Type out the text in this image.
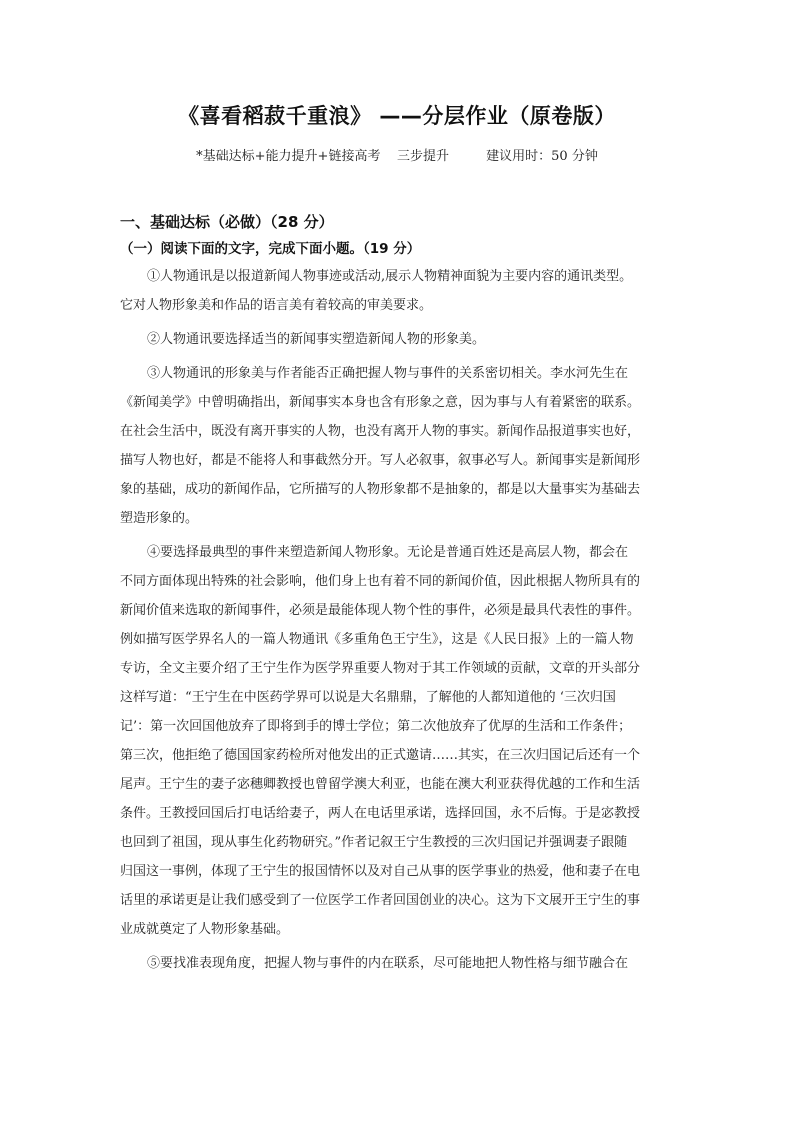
《喜看稻菽千重浪》 ——分层作业（原卷版）
*基础达标+能力提升+链接高考    三步提升         建议用时：50 分钟
一、基础达标（必做）（28 分）
（一）阅读下面的文字，完成下面小题。（19 分）
①人物通讯是以报道新闻人物事迹或活动,展示人物精神面貌为主要内容的通讯类型。
它对人物形象美和作品的语言美有着较高的审美要求。
②人物通讯要选择适当的新闻事实塑造新闻人物的形象美。
③人物通讯的形象美与作者能否正确把握人物与事件的关系密切相关。李水河先生在
《新闻美学》中曾明确指出，新闻事实本身也含有形象之意，因为事与人有着紧密的联系。
在社会生活中，既没有离开事实的人物，也没有离开人物的事实。新闻作品报道事实也好，
描写人物也好，都是不能将人和事截然分开。写人必叙事，叙事必写人。新闻事实是新闻形
象的基础，成功的新闻作品，它所描写的人物形象都不是抽象的，都是以大量事实为基础去
塑造形象的。
④要选择最典型的事件来塑造新闻人物形象。无论是普通百姓还是高层人物，都会在
不同方面体现出特殊的社会影响，他们身上也有着不同的新闻价值，因此根据人物所具有的
新闻价值来选取的新闻事件，必须是最能体现人物个性的事件，必须是最具代表性的事件。
例如描写医学界名人的一篇人物通讯《多重角色王宁生》，这是《人民日报》上的一篇人物
专访，全文主要介绍了王宁生作为医学界重要人物对于其工作领域的贡献，文章的开头部分
这样写道：“王宁生在中医药学界可以说是大名鼎鼎，了解他的人都知道他的 ‘三次归国
记’：第一次回国他放弃了即将到手的博士学位；第二次他放弃了优厚的生活和工作条件；
第三次，他拒绝了德国国家药检所对他发出的正式邀请……其实，在三次归国记后还有一个
尾声。王宁生的妻子宓穗卿教授也曾留学澳大利亚，也能在澳大利亚获得优越的工作和生活
条件。王教授回国后打电话给妻子，两人在电话里承诺，选择回国，永不后悔。于是宓教授
也回到了祖国，现从事生化药物研究。”作者记叙王宁生教授的三次归国记并强调妻子跟随
归国这一事例，体现了王宁生的报国情怀以及对自己从事的医学事业的热爱，他和妻子在电
话里的承诺更是让我们感受到了一位医学工作者回国创业的决心。这为下文展开王宁生的事
业成就奠定了人物形象基础。
⑤要找准表现角度，把握人物与事件的内在联系，尽可能地把人物性格与细节融合在
